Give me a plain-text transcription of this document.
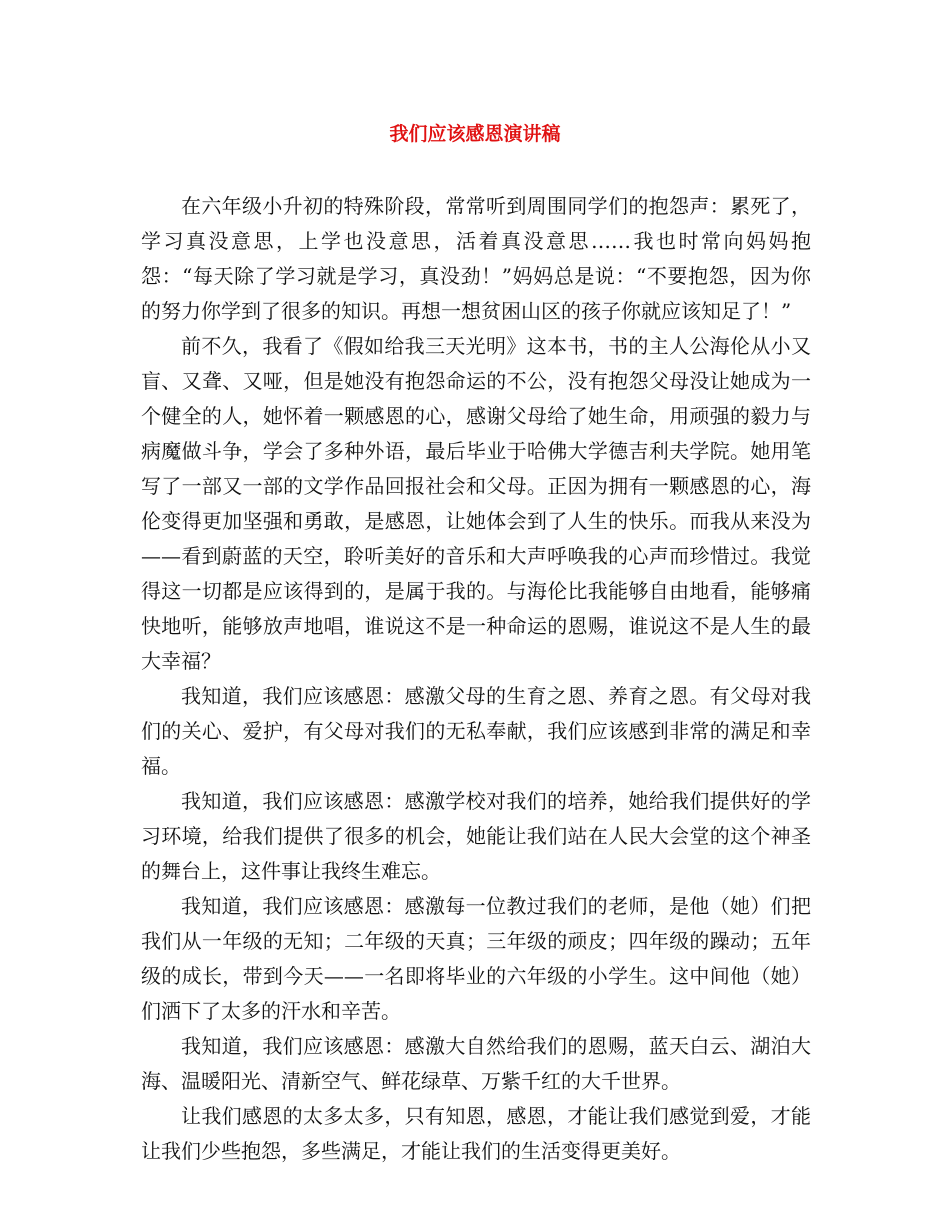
我们应该感恩演讲稿

在六年级小升初的特殊阶段，常常听到周围同学们的抱怨声：累死了，学习真没意思，上学也没意思，活着真没意思……我也时常向妈妈抱怨：“每天除了学习就是学习，真没劲！”妈妈总是说：“不要抱怨，因为你的努力你学到了很多的知识。再想一想贫困山区的孩子你就应该知足了！”

前不久，我看了《假如给我三天光明》这本书，书的主人公海伦从小又盲、又聋、又哑，但是她没有抱怨命运的不公，没有抱怨父母没让她成为一个健全的人，她怀着一颗感恩的心，感谢父母给了她生命，用顽强的毅力与病魔做斗争，学会了多种外语，最后毕业于哈佛大学德吉利夫学院。她用笔写了一部又一部的文学作品回报社会和父母。正因为拥有一颗感恩的心，海伦变得更加坚强和勇敢，是感恩，让她体会到了人生的快乐。而我从来没为——看到蔚蓝的天空，聆听美好的音乐和大声呼唤我的心声而珍惜过。我觉得这一切都是应该得到的，是属于我的。与海伦比我能够自由地看，能够痛快地听，能够放声地唱，谁说这不是一种命运的恩赐，谁说这不是人生的最大幸福？

我知道，我们应该感恩：感激父母的生育之恩、养育之恩。有父母对我们的关心、爱护，有父母对我们的无私奉献，我们应该感到非常的满足和幸福。

我知道，我们应该感恩：感激学校对我们的培养，她给我们提供好的学习环境，给我们提供了很多的机会，她能让我们站在人民大会堂的这个神圣的舞台上，这件事让我终生难忘。

我知道，我们应该感恩：感激每一位教过我们的老师，是他（她）们把我们从一年级的无知；二年级的天真；三年级的顽皮；四年级的躁动；五年级的成长，带到今天——一名即将毕业的六年级的小学生。这中间他（她）们洒下了太多的汗水和辛苦。

我知道，我们应该感恩：感激大自然给我们的恩赐，蓝天白云、湖泊大海、温暖阳光、清新空气、鲜花绿草、万紫千红的大千世界。

让我们感恩的太多太多，只有知恩，感恩，才能让我们感觉到爱，才能让我们少些抱怨，多些满足，才能让我们的生活变得更美好。
